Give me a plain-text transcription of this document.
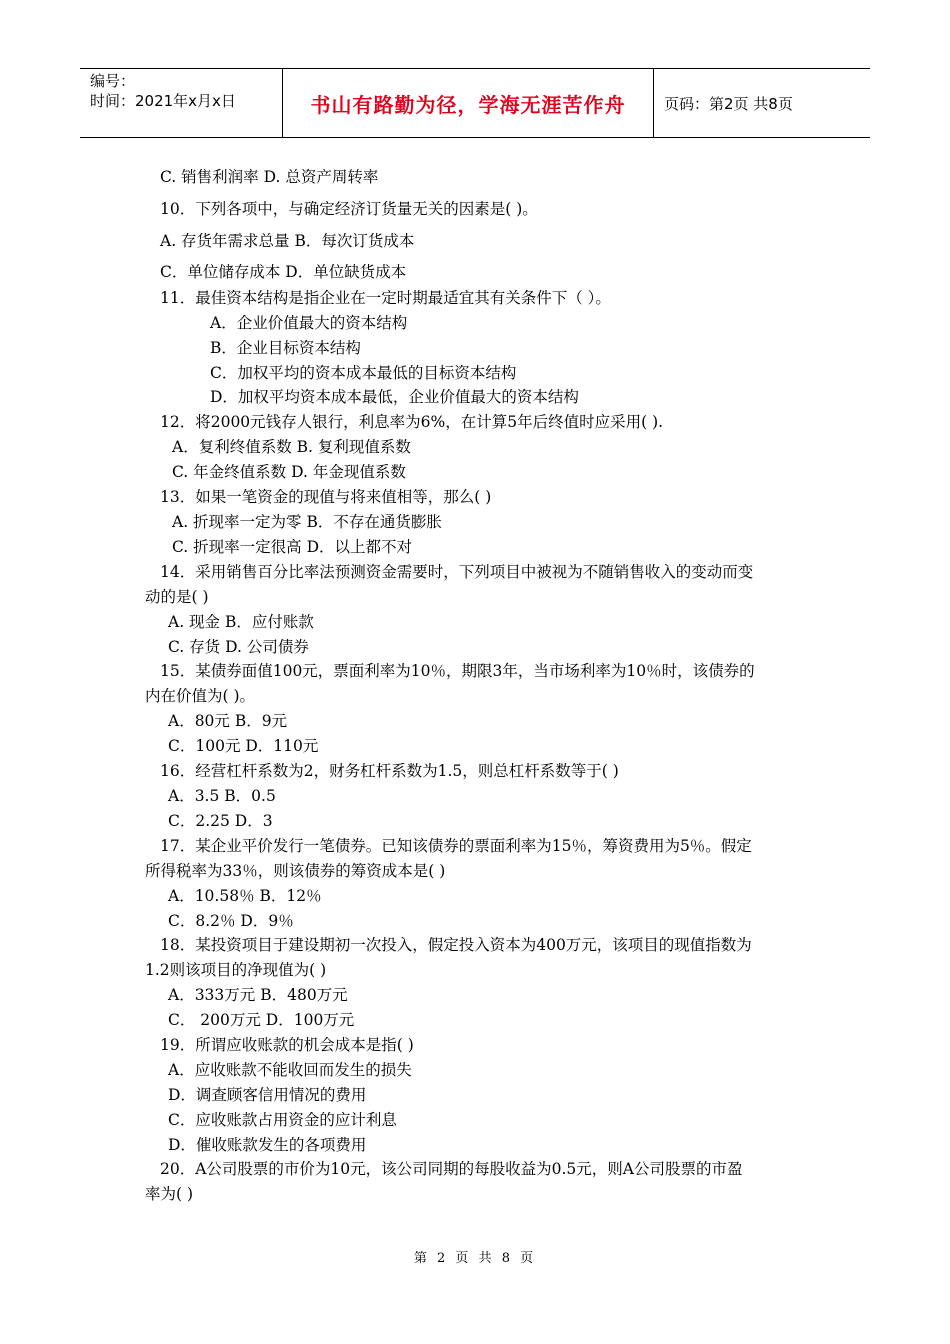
编号：
时间：2021年x月x日	书山有路勤为径，学海无涯苦作舟	页码：第2页 共8页
C. 销售利润率 D. 总资产周转率
10．下列各项中，与确定经济订货量无关的因素是( )。
A. 存货年需求总量 B．每次订货成本
C．单位储存成本 D．单位缺货成本
11．最佳资本结构是指企业在一定时期最适宜其有关条件下（ ）。
A．企业价值最大的资本结构
B．企业目标资本结构
C．加权平均的资本成本最低的目标资本结构
D．加权平均资本成本最低，企业价值最大的资本结构
12．将2000元钱存人银行，利息率为6%，在计算5年后终值时应采用( ).
A．复利终值系数 B. 复利现值系数
C. 年金终值系数 D. 年金现值系数
13．如果一笔资金的现值与将来值相等，那么( )
A. 折现率一定为零 B．不存在通货膨胀
C. 折现率一定很高 D．以上都不对
14．采用销售百分比率法预测资金需要时，下列项目中被视为不随销售收入的变动而变
动的是( )
A. 现金 B．应付账款
C. 存货 D. 公司债券
15．某债券面值100元，票面利率为10％，期限3年，当市场利率为10％时，该债券的
内在价值为( )。
A．80元 B．9元
C．100元 D．110元
16．经营杠杆系数为2，财务杠杆系数为1.5，则总杠杆系数等于( )
A．3.5 B．0.5
C．2.25 D．3
17．某企业平价发行一笔债券。已知该债券的票面利率为15％，筹资费用为5％。假定
所得税率为33％，则该债券的筹资成本是( )
A．10.58％ B．12％
C．8.2％ D．9％
18．某投资项目于建设期初一次投入，假定投入资本为400万元，该项目的现值指数为
1.2则该项目的净现值为( )
A．333万元 B．480万元
C． 200万元 D．100万元
19．所谓应收账款的机会成本是指( )
A．应收账款不能收回而发生的损失
D．调查顾客信用情况的费用
C．应收账款占用资金的应计利息
D．催收账款发生的各项费用
20．A公司股票的市价为10元，该公司同期的每股收益为0.5元，则A公司股票的市盈
率为( )
第 2 页 共 8 页
